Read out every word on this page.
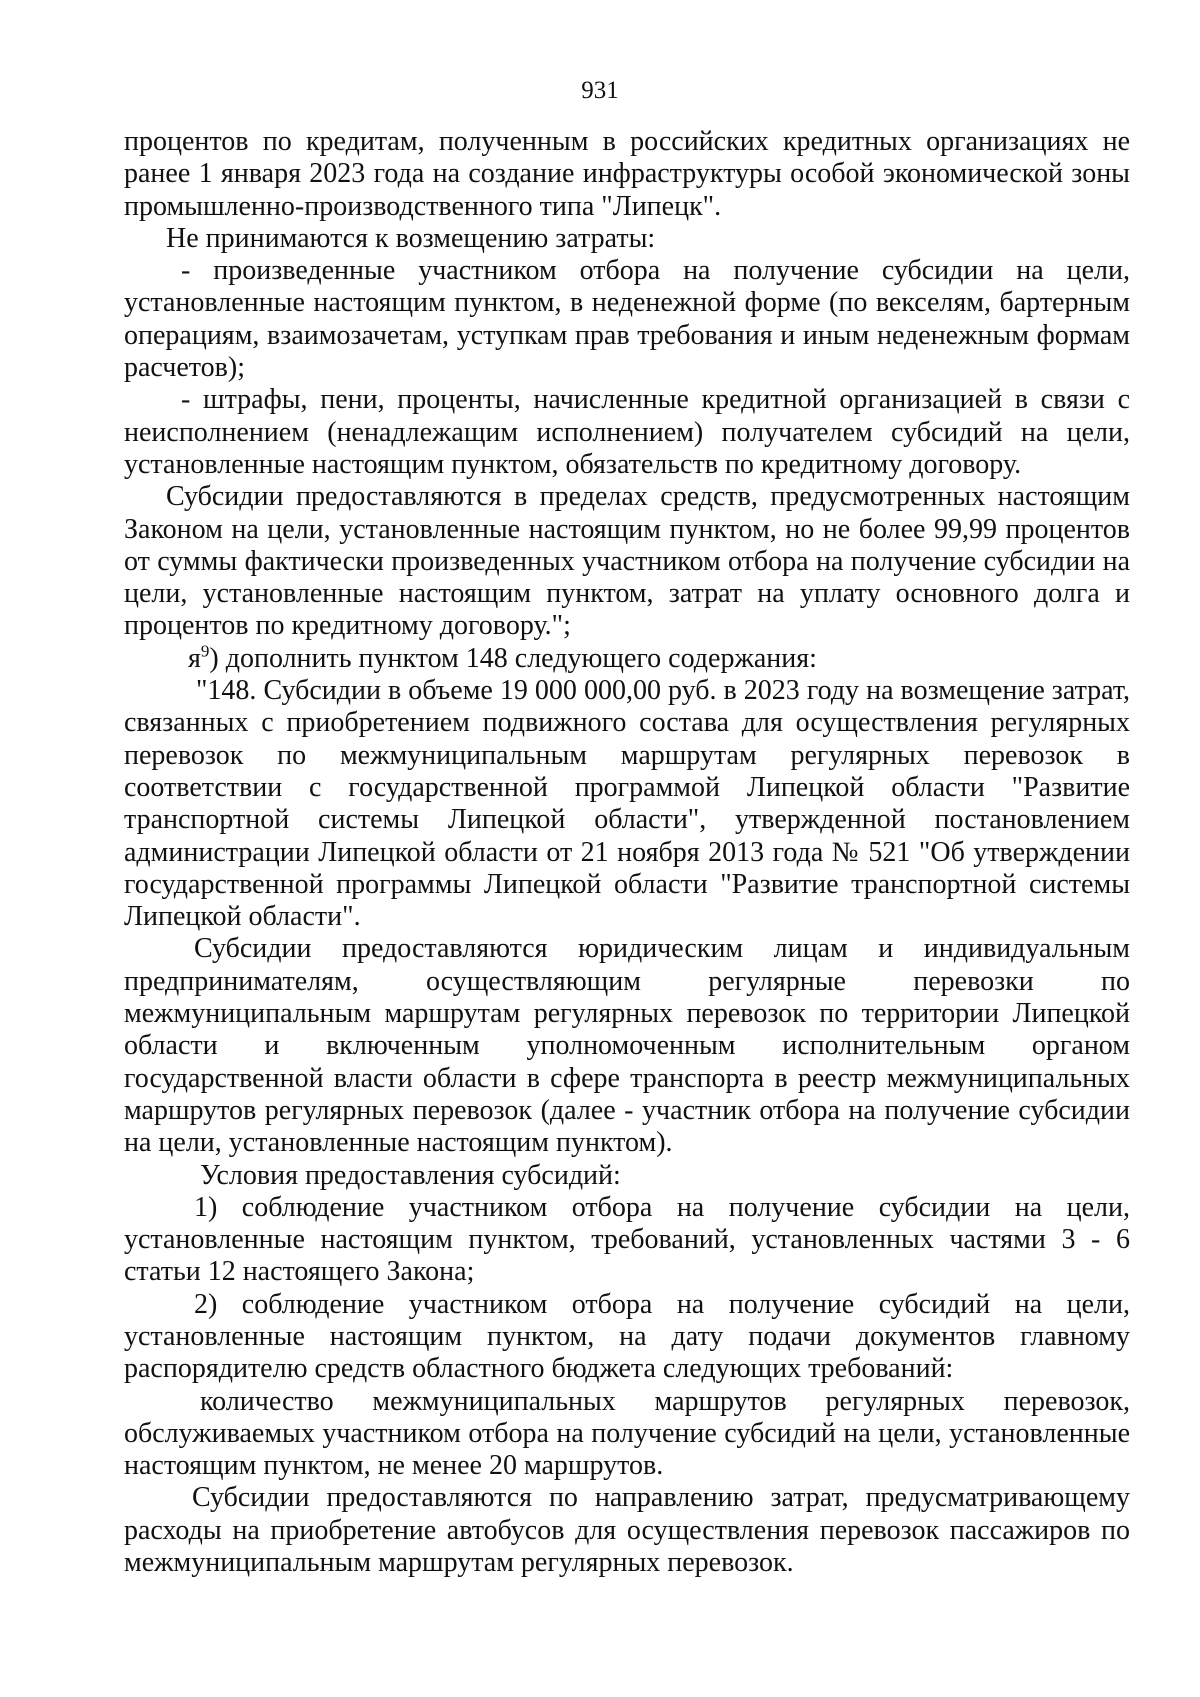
931

процентов по кредитам, полученным в российских кредитных организациях не ранее 1 января 2023 года на создание инфраструктуры особой экономической зоны промышленно-производственного типа "Липецк".

Не принимаются к возмещению затраты:

- произведенные участником отбора на получение субсидии на цели, установленные настоящим пунктом, в неденежной форме (по векселям, бартерным операциям, взаимозачетам, уступкам прав требования и иным неденежным формам расчетов);

- штрафы, пени, проценты, начисленные кредитной организацией в связи с неисполнением (ненадлежащим исполнением) получателем субсидий на цели, установленные настоящим пунктом, обязательств по кредитному договору.

Субсидии предоставляются в пределах средств, предусмотренных настоящим Законом на цели, установленные настоящим пунктом, но не более 99,99 процентов от суммы фактически произведенных участником отбора на получение субсидии на цели, установленные настоящим пунктом, затрат на уплату основного долга и процентов по кредитному договору.";

$я^9$) дополнить пунктом 148 следующего содержания:

"148. Субсидии в объеме 19 000 000,00 руб. в 2023 году на возмещение затрат, связанных с приобретением подвижного состава для осуществления регулярных перевозок по межмуниципальным маршрутам регулярных перевозок в соответствии с государственной программой Липецкой области "Развитие транспортной системы Липецкой области", утвержденной постановлением администрации Липецкой области от 21 ноября 2013 года № 521 "Об утверждении государственной программы Липецкой области "Развитие транспортной системы Липецкой области".

Субсидии предоставляются юридическим лицам и индивидуальным предпринимателям, осуществляющим регулярные перевозки по межмуниципальным маршрутам регулярных перевозок по территории Липецкой области и включенным уполномоченным исполнительным органом государственной власти области в сфере транспорта в реестр межмуниципальных маршрутов регулярных перевозок (далее - участник отбора на получение субсидии на цели, установленные настоящим пунктом).

Условия предоставления субсидий:

1) соблюдение участником отбора на получение субсидии на цели, установленные настоящим пунктом, требований, установленных частями 3 - 6 статьи 12 настоящего Закона;

2) соблюдение участником отбора на получение субсидий на цели, установленные настоящим пунктом, на дату подачи документов главному распорядителю средств областного бюджета следующих требований:

количество межмуниципальных маршрутов регулярных перевозок, обслуживаемых участником отбора на получение субсидий на цели, установленные настоящим пунктом, не менее 20 маршрутов.

Субсидии предоставляются по направлению затрат, предусматривающему расходы на приобретение автобусов для осуществления перевозок пассажиров по межмуниципальным маршрутам регулярных перевозок.
